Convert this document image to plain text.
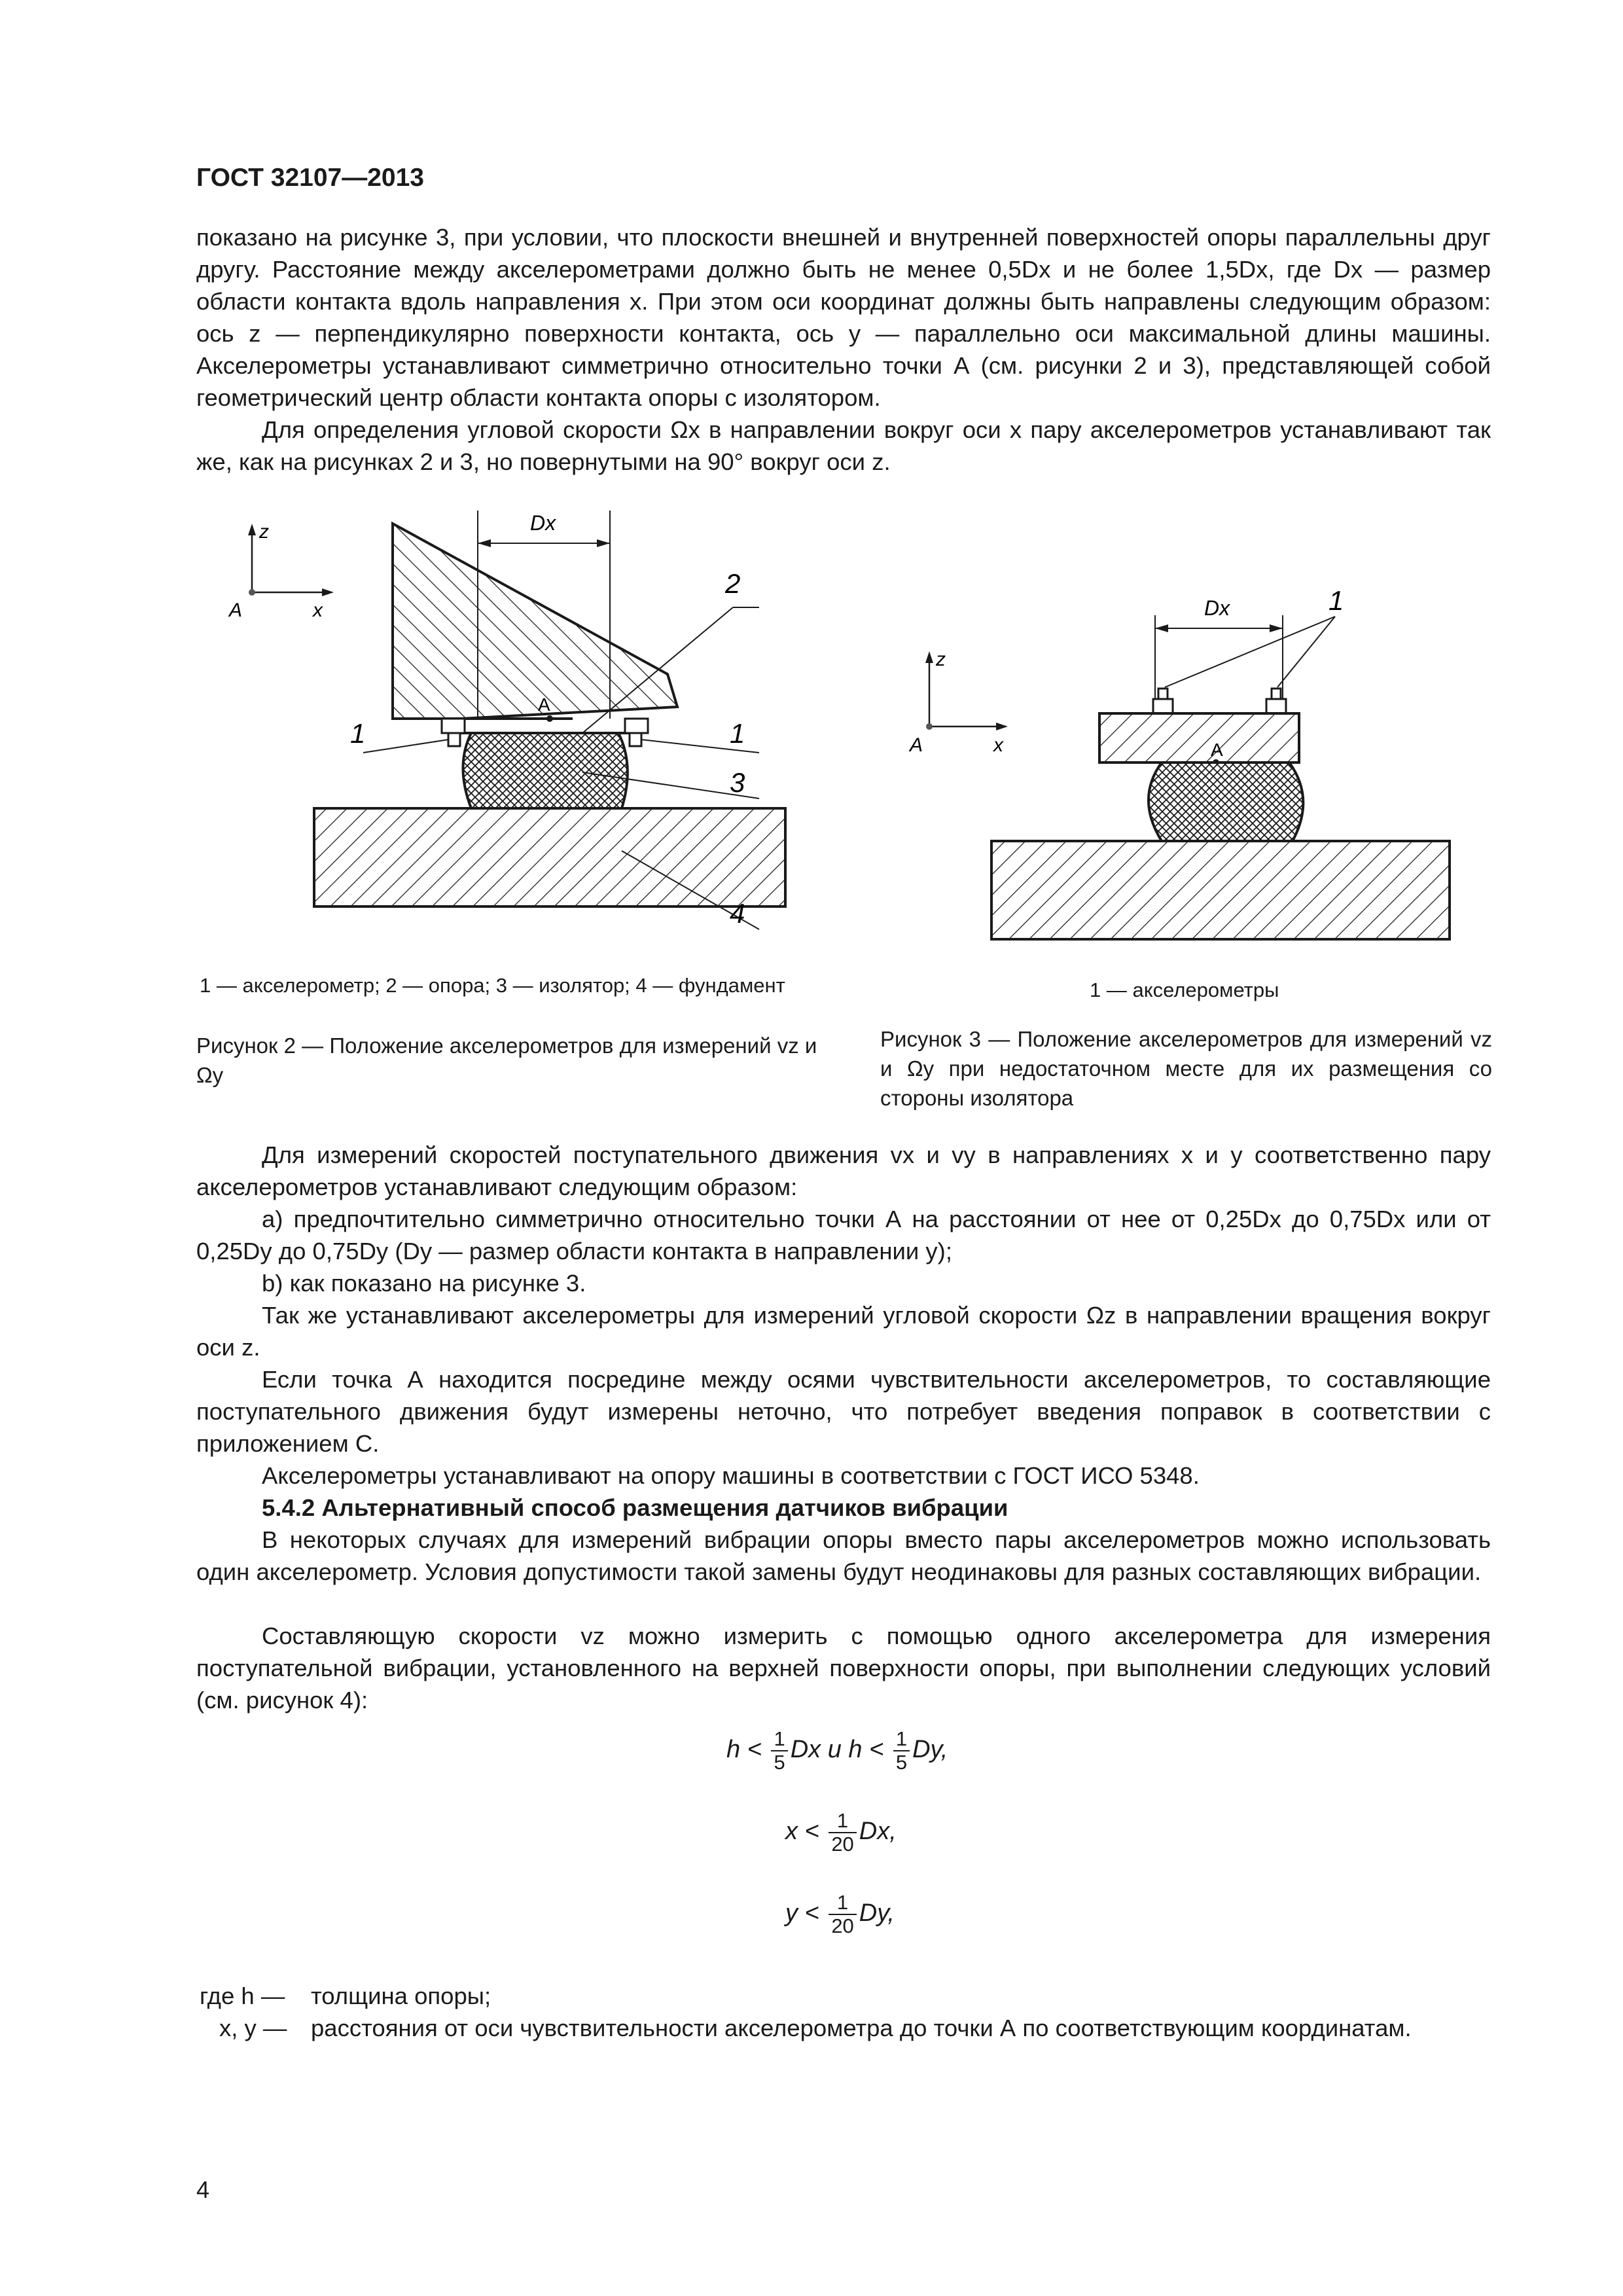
ГОСТ 32107—2013
показано на рисунке 3, при условии, что плоскости внешней и внутренней поверхностей опоры параллельны друг другу. Расстояние между акселерометрами должно быть не менее 0,5Dx и не более 1,5Dx, где Dx — размер области контакта вдоль направления x. При этом оси координат должны быть направлены следующим образом: ось z — перпендикулярно поверхности контакта, ось y — параллельно оси максимальной длины машины. Акселерометры устанавливают симметрично относительно точки А (см. рисунки 2 и 3), представляющей собой геометрический центр области контакта опоры с изолятором.
Для определения угловой скорости Ωx в направлении вокруг оси x пару акселерометров устанавливают так же, как на рисунках 2 и 3, но повернутыми на 90° вокруг оси z.
z
x
A
Dx
A
2
1	1
3
4
1 — акселерометр; 2 — опора; 3 — изолятор; 4 — фундамент
Рисунок 2 — Положение акселерометров для измерений vz и Ωy
z
x
A
Dx	1
A
1 — акселерометры
Рисунок 3 — Положение акселерометров для измерений vz и Ωy при недостаточном месте для их размещения со стороны изолятора
Для измерений скоростей поступательного движения vx и vy в направлениях x и y соответственно пару акселерометров устанавливают следующим образом:
a) предпочтительно симметрично относительно точки А на расстоянии от нее от 0,25Dx до 0,75Dx или от 0,25Dy до 0,75Dy (Dy — размер области контакта в направлении y);
b) как показано на рисунке 3.
Так же устанавливают акселерометры для измерений угловой скорости Ωz в направлении вращения вокруг оси z.
Если точка А находится посредине между осями чувствительности акселерометров, то составляющие поступательного движения будут измерены неточно, что потребует введения поправок в соответствии с приложением С.
Акселерометры устанавливают на опору машины в соответствии с ГОСТ ИСО 5348.
5.4.2 Альтернативный способ размещения датчиков вибрации
В некоторых случаях для измерений вибрации опоры вместо пары акселерометров можно использовать один акселерометр. Условия допустимости такой замены будут неодинаковы для разных составляющих вибрации.
Составляющую скорости vz можно измерить с помощью одного акселерометра для измерения поступательной вибрации, установленного на верхней поверхности опоры, при выполнении следующих условий (см. рисунок 4):
$h < \frac{1}{5}$ Dx и $h < \frac{1}{5} Dy$,
$x < \frac{1}{20} Dx$,
$y < \frac{1}{20} Dy$,
где h — толщина опоры;
x, y — расстояния от оси чувствительности акселерометра до точки А по соответствующим координатам.
4
